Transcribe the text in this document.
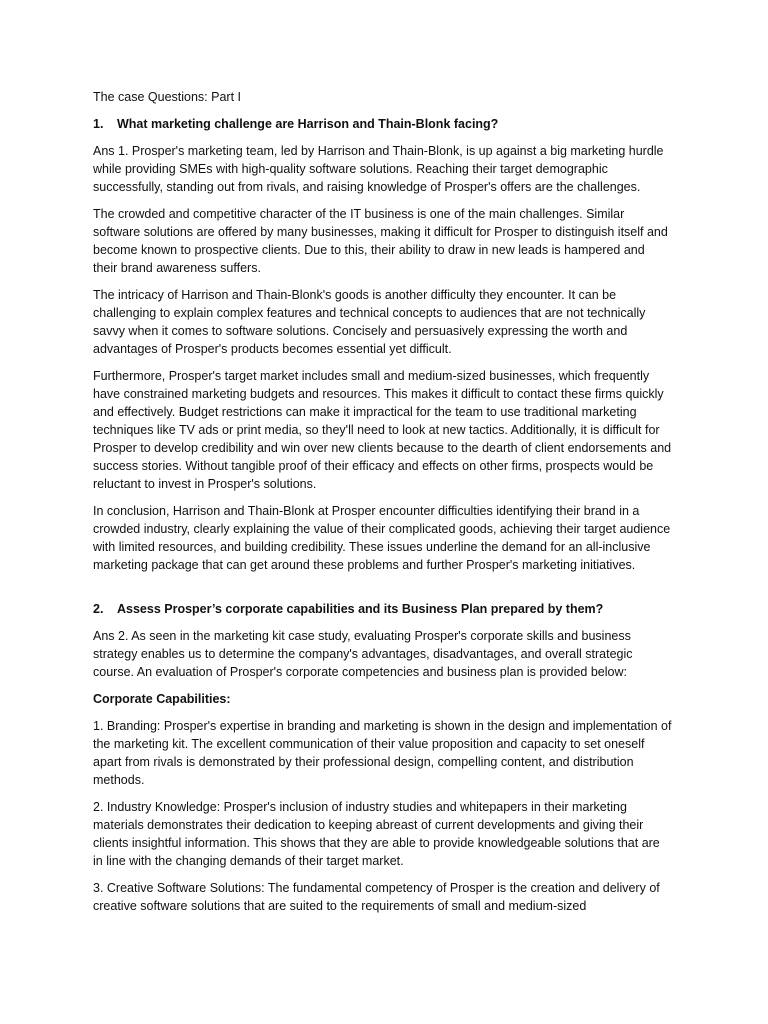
The case Questions: Part I

1.	What marketing challenge are Harrison and Thain-Blonk facing?

Ans 1. Prosper's marketing team, led by Harrison and Thain-Blonk, is up against a big marketing hurdle while providing SMEs with high-quality software solutions. Reaching their target demographic successfully, standing out from rivals, and raising knowledge of Prosper's offers are the challenges.

The crowded and competitive character of the IT business is one of the main challenges. Similar software solutions are offered by many businesses, making it difficult for Prosper to distinguish itself and become known to prospective clients. Due to this, their ability to draw in new leads is hampered and their brand awareness suffers.

The intricacy of Harrison and Thain-Blonk's goods is another difficulty they encounter. It can be challenging to explain complex features and technical concepts to audiences that are not technically savvy when it comes to software solutions. Concisely and persuasively expressing the worth and advantages of Prosper's products becomes essential yet difficult.

Furthermore, Prosper's target market includes small and medium-sized businesses, which frequently have constrained marketing budgets and resources. This makes it difficult to contact these firms quickly and effectively. Budget restrictions can make it impractical for the team to use traditional marketing techniques like TV ads or print media, so they'll need to look at new tactics. Additionally, it is difficult for Prosper to develop credibility and win over new clients because to the dearth of client endorsements and success stories. Without tangible proof of their efficacy and effects on other firms, prospects would be reluctant to invest in Prosper's solutions.

In conclusion, Harrison and Thain-Blonk at Prosper encounter difficulties identifying their brand in a crowded industry, clearly explaining the value of their complicated goods, achieving their target audience with limited resources, and building credibility. These issues underline the demand for an all-inclusive marketing package that can get around these problems and further Prosper's marketing initiatives.

2.	Assess Prosper’s corporate capabilities and its Business Plan prepared by them?

Ans 2. As seen in the marketing kit case study, evaluating Prosper's corporate skills and business strategy enables us to determine the company's advantages, disadvantages, and overall strategic course. An evaluation of Prosper's corporate competencies and business plan is provided below:

Corporate Capabilities:

1. Branding: Prosper's expertise in branding and marketing is shown in the design and implementation of the marketing kit. The excellent communication of their value proposition and capacity to set oneself apart from rivals is demonstrated by their professional design, compelling content, and distribution methods.

2. Industry Knowledge: Prosper's inclusion of industry studies and whitepapers in their marketing materials demonstrates their dedication to keeping abreast of current developments and giving their clients insightful information. This shows that they are able to provide knowledgeable solutions that are in line with the changing demands of their target market.

3. Creative Software Solutions: The fundamental competency of Prosper is the creation and delivery of creative software solutions that are suited to the requirements of small and medium-sized
